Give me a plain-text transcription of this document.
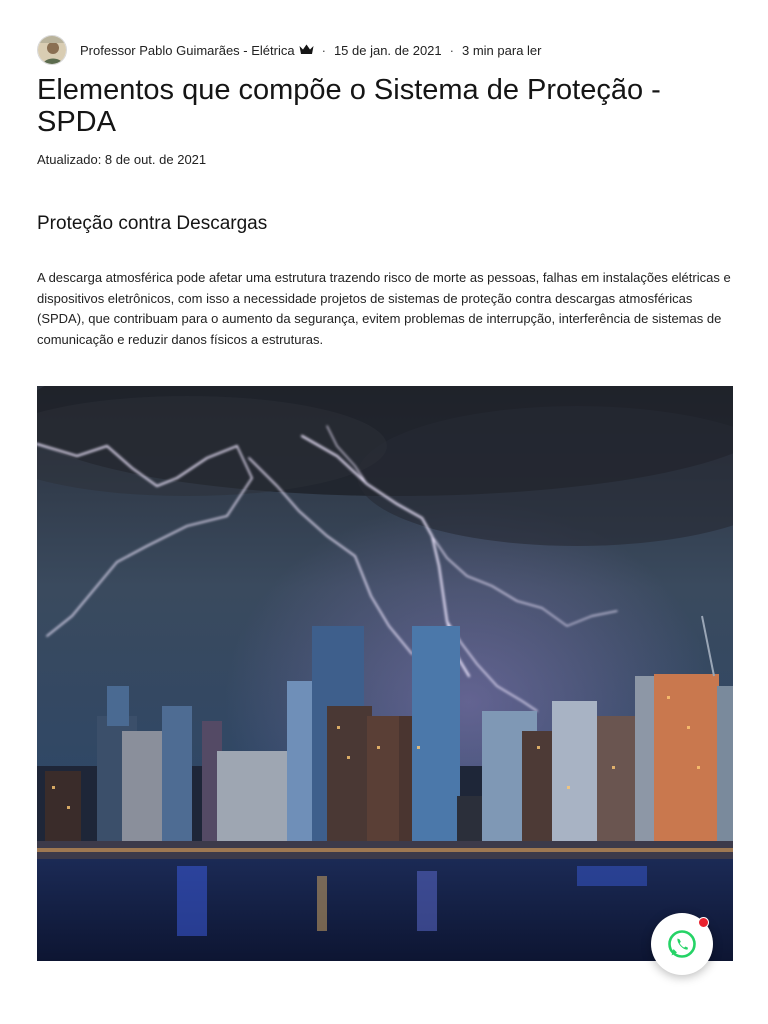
Professor Pablo Guimarães - Elétrica · 15 de jan. de 2021 · 3 min para ler
Elementos que compõe o Sistema de Proteção - SPDA
Atualizado: 8 de out. de 2021
Proteção contra Descargas

A descarga atmosférica pode afetar uma estrutura trazendo risco de morte as pessoas, falhas em instalações elétricas e dispositivos eletrônicos, com isso a necessidade projetos de sistemas de proteção contra descargas atmosféricas (SPDA), que contribuam para o aumento da segurança, evitem problemas de interrupção, interferência de sistemas de comunicação e reduzir danos físicos a estruturas.
